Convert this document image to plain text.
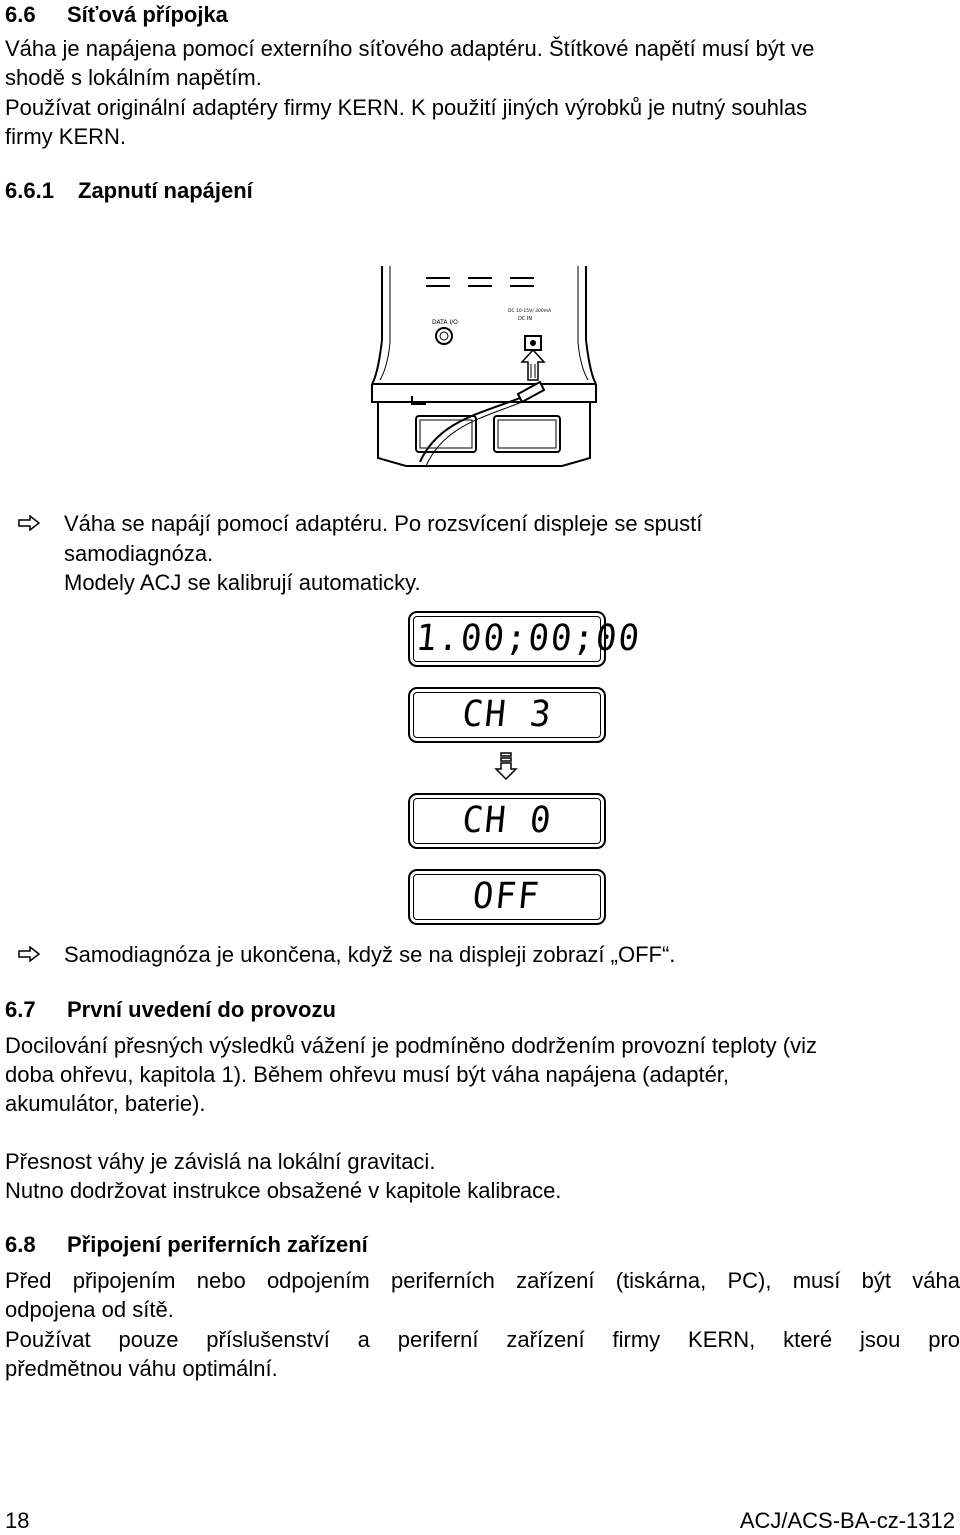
6.6 Síťová přípojka
Váha je napájena pomocí externího síťového adaptéru. Štítkové napětí musí být ve
shodě s lokálním napětím.
Používat originální adaptéry firmy KERN. K použití jiných výrobků je nutný souhlas
firmy KERN.
6.6.1 Zapnutí napájení
DATA I/O
DC 10-15V/ 300mA
DC IN
Váha se napájí pomocí adaptéru. Po rozsvícení displeje se spustí
samodiagnóza.
Modely ACJ se kalibrují automaticky.
1.00;00;00
CH 3
CH 0
OFF
Samodiagnóza je ukončena, když se na displeji zobrazí „OFF“.
6.7 První uvedení do provozu
Docilování přesných výsledků vážení je podmíněno dodržením provozní teploty (viz
doba ohřevu, kapitola 1). Během ohřevu musí být váha napájena (adaptér,
akumulátor, baterie).
Přesnost váhy je závislá na lokální gravitaci.
Nutno dodržovat instrukce obsažené v kapitole kalibrace.
6.8 Připojení periferních zařízení
Před připojením nebo odpojením periferních zařízení (tiskárna, PC), musí být váha
odpojena od sítě.
Používat pouze příslušenství a periferní zařízení firmy KERN, které jsou pro
předmětnou váhu optimální.
18	ACJ/ACS-BA-cz-1312
